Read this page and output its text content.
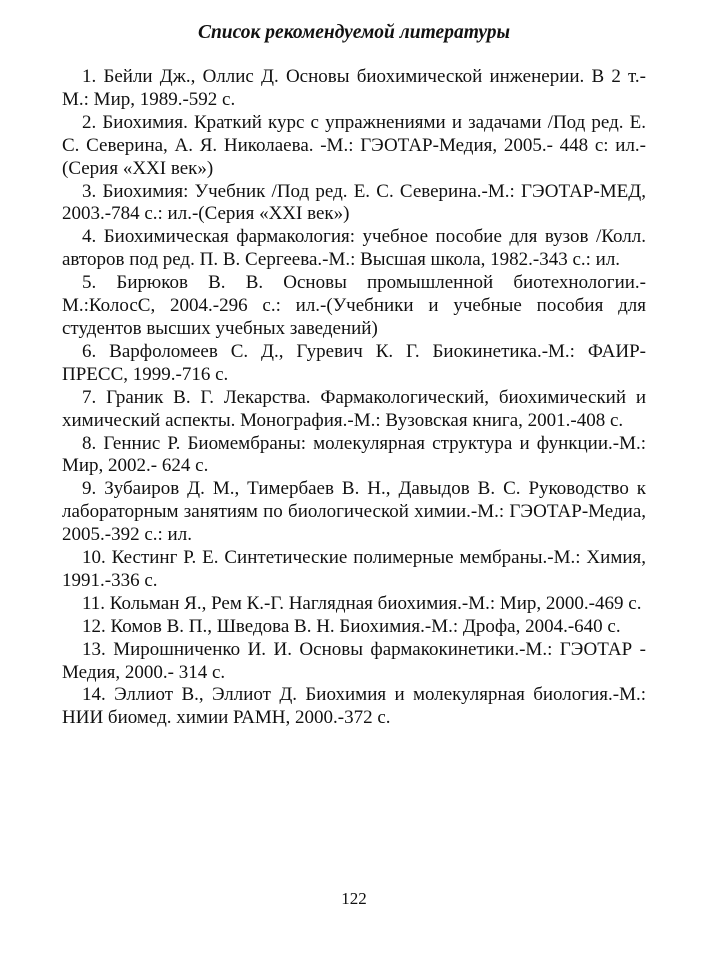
Список рекомендуемой литературы
1. Бейли Дж., Оллис Д. Основы биохимической инженерии. В 2 т.- М.: Мир, 1989.-592 с.
2. Биохимия. Краткий курс с упражнениями и задачами /Под ред. Е. С. Северина, А. Я. Николаева. -М.: ГЭОТАР-Медия, 2005.- 448 с: ил.- (Серия «XXI век»)
3. Биохимия: Учебник /Под ред. Е. С. Северина.-М.: ГЭОТАР-МЕД, 2003.-784 с.: ил.-(Серия «XXI век»)
4. Биохимическая фармакология: учебное пособие для вузов /Колл. авторов под ред. П. В. Сергеева.-М.: Высшая школа, 1982.-343 с.: ил.
5. Бирюков В. В. Основы промышленной биотехнологии.- М.:КолосС, 2004.-296 с.: ил.-(Учебники и учебные пособия для студентов высших учебных заведений)
6. Варфоломеев С. Д., Гуревич К. Г. Биокинетика.-М.: ФАИР-ПРЕСС, 1999.-716 с.
7. Граник В. Г. Лекарства. Фармакологический, биохимический и химический аспекты. Монография.-М.: Вузовская книга, 2001.-408 с.
8. Геннис Р. Биомембраны: молекулярная структура и функции.-М.: Мир, 2002.- 624 с.
9. Зубаиров Д. М., Тимербаев В. Н., Давыдов В. С. Руководство к лабораторным занятиям по биологической химии.-М.: ГЭОТАР-Медиа, 2005.-392 с.: ил.
10. Кестинг Р. Е. Синтетические полимерные мембраны.-М.: Химия, 1991.-336 с.
11. Кольман Я., Рем К.-Г. Наглядная биохимия.-М.: Мир, 2000.-469 с.
12. Комов В. П., Шведова В. Н. Биохимия.-М.: Дрофа, 2004.-640 с.
13. Мирошниченко И. И. Основы фармакокинетики.-М.: ГЭОТАР - Медия, 2000.- 314 с.
14. Эллиот В., Эллиот Д. Биохимия и молекулярная биология.-М.: НИИ биомед. химии РАМН, 2000.-372 с.
122
